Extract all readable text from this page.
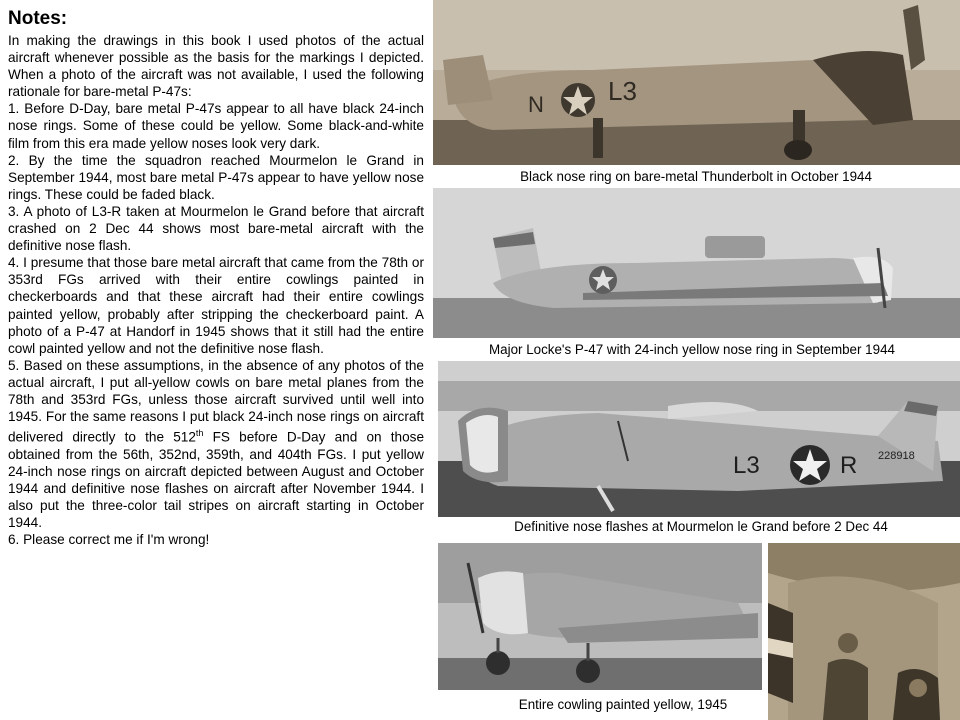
Notes:

In making the drawings in this book I used photos of the actual aircraft whenever possible as the basis for the markings I depicted. When a photo of the aircraft was not available, I used the following rationale for bare-metal P-47s:

1. Before D-Day, bare metal P-47s appear to all have black 24-inch nose rings. Some of these could be yellow. Some black-and-white film from this era made yellow noses look very dark.

2. By the time the squadron reached Mourmelon le Grand in September 1944, most bare metal P-47s appear to have yellow nose rings. These could be faded black.

3. A photo of L3-R taken at Mourmelon le Grand before that aircraft crashed on 2 Dec 44 shows most bare-metal aircraft with the definitive nose flash.

4. I presume that those bare metal aircraft that came from the 78th or 353rd FGs arrived with their entire cowlings painted in checkerboards and that these aircraft had their entire cowlings painted yellow, probably after stripping the checkerboard paint. A photo of a P-47 at Handorf in 1945 shows that it still had the entire cowl painted yellow and not the definitive nose flash.

5. Based on these assumptions, in the absence of any photos of the actual aircraft, I put all-yellow cowls on bare metal planes from the 78th and 353rd FGs, unless those aircraft survived until well into 1945. For the same reasons I put black 24-inch nose rings on aircraft delivered directly to the 512th FS before D-Day and on those obtained from the 56th, 352nd, 359th, and 404th FGs. I put yellow 24-inch nose rings on aircraft depicted between August and October 1944 and definitive nose flashes on aircraft after November 1944. I also put the three-color tail stripes on aircraft starting in October 1944.

6. Please correct me if I'm wrong!

N L3
Black nose ring on bare-metal Thunderbolt in October 1944
Major Locke's P-47 with 24-inch yellow nose ring in September 1944
228918
L3	R
Definitive nose flashes at Mourmelon le Grand before 2 Dec 44
Entire cowling painted yellow, 1945
